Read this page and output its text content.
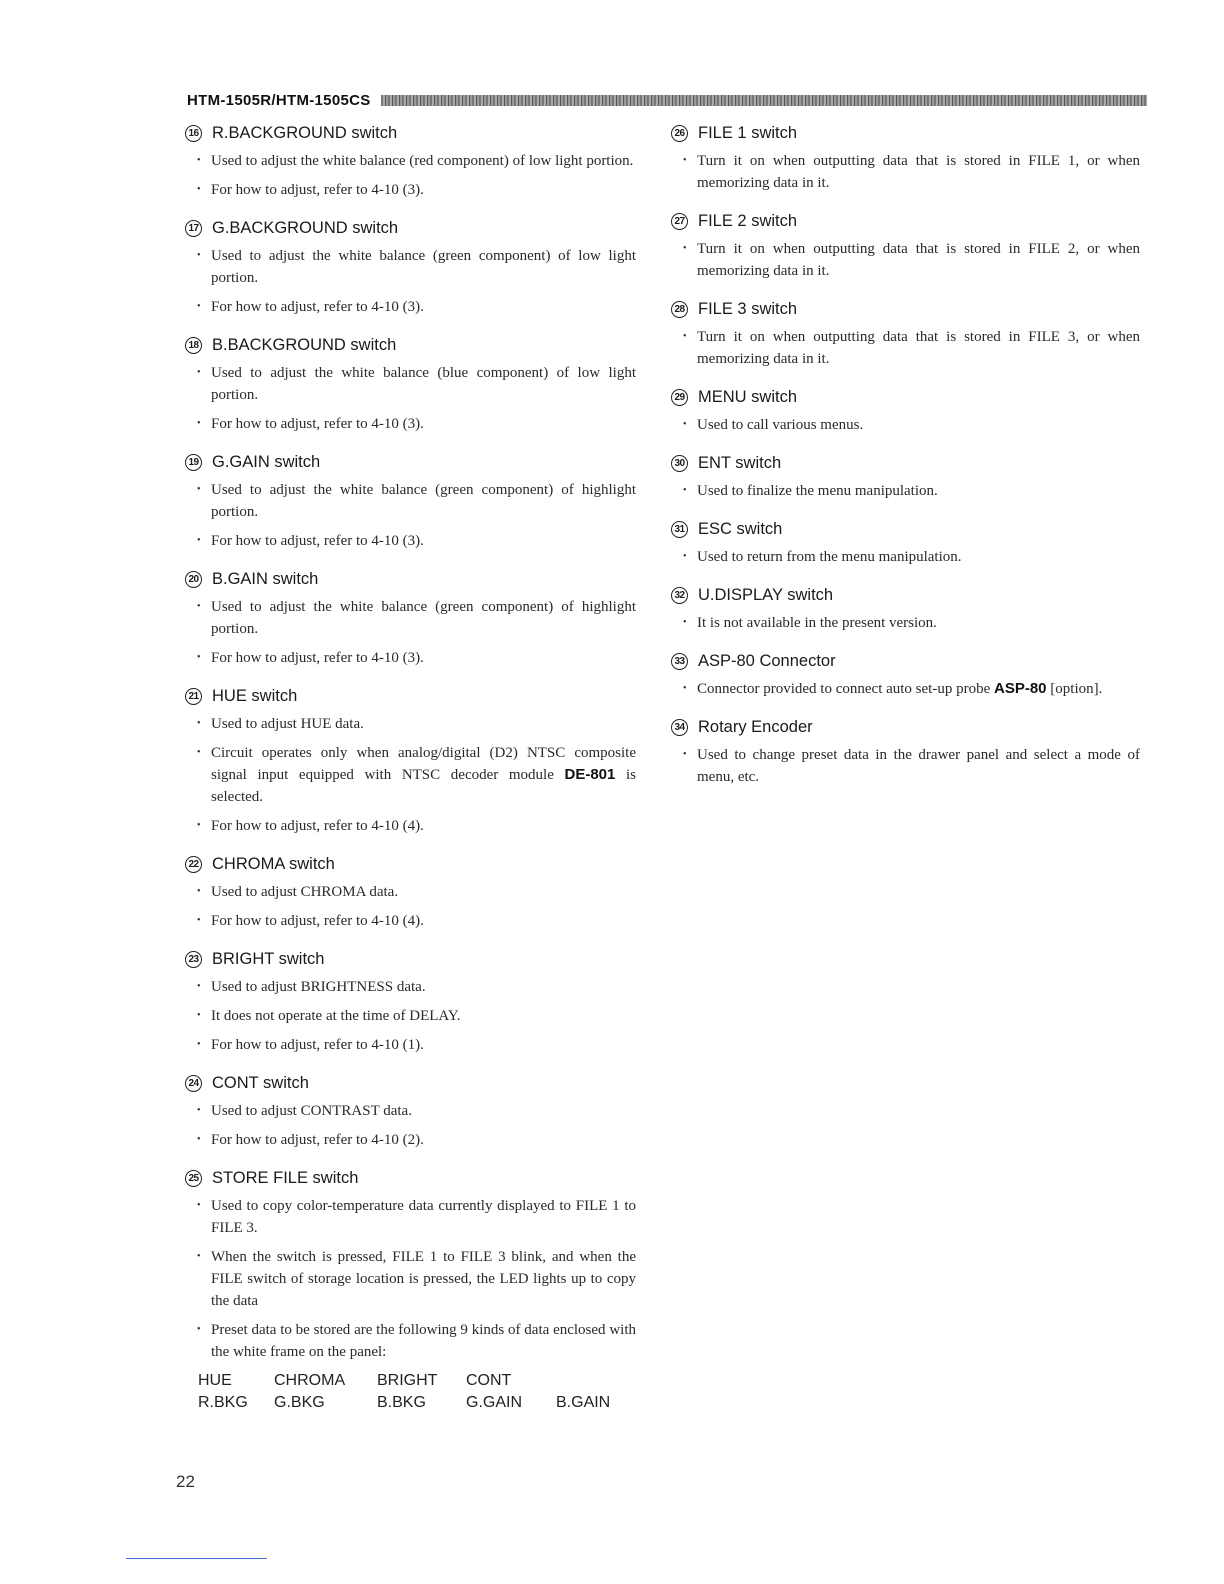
HTM-1505R/HTM-1505CS
16 R.BACKGROUND switch
• Used to adjust the white balance (red component) of low light portion.
• For how to adjust, refer to 4-10 (3).
17 G.BACKGROUND switch
• Used to adjust the white balance (green component) of low light portion.
• For how to adjust, refer to 4-10 (3).
18 B.BACKGROUND switch
• Used to adjust the white balance (blue component) of low light portion.
• For how to adjust, refer to 4-10 (3).
19 G.GAIN switch
• Used to adjust the white balance (green component) of highlight portion.
• For how to adjust, refer to 4-10 (3).
20 B.GAIN switch
• Used to adjust the white balance (green component) of highlight portion.
• For how to adjust, refer to 4-10 (3).
21 HUE switch
• Used to adjust HUE data.
• Circuit operates only when analog/digital (D2) NTSC composite signal input equipped with NTSC decoder module DE-801 is selected.
• For how to adjust, refer to 4-10 (4).
22 CHROMA switch
• Used to adjust CHROMA data.
• For how to adjust, refer to 4-10 (4).
23 BRIGHT switch
• Used to adjust BRIGHTNESS data.
• It does not operate at the time of DELAY.
• For how to adjust, refer to 4-10 (1).
24 CONT switch
• Used to adjust CONTRAST data.
• For how to adjust, refer to 4-10 (2).
25 STORE FILE switch
• Used to copy color-temperature data currently displayed to FILE 1 to FILE 3.
• When the switch is pressed, FILE 1 to FILE 3 blink, and when the FILE switch of storage location is pressed, the LED lights up to copy the data
• Preset data to be stored are the following 9 kinds of data enclosed with the white frame on the panel:
HUE	CHROMA	BRIGHT	CONT
R.BKG	G.BKG	B.BKG	G.GAIN	B.GAIN
26 FILE 1 switch
• Turn it on when outputting data that is stored in FILE 1, or when memorizing data in it.
27 FILE 2 switch
• Turn it on when outputting data that is stored in FILE 2, or when memorizing data in it.
28 FILE 3 switch
• Turn it on when outputting data that is stored in FILE 3, or when memorizing data in it.
29 MENU switch
• Used to call various menus.
30 ENT switch
• Used to finalize the menu manipulation.
31 ESC switch
• Used to return from the menu manipulation.
32 U.DISPLAY switch
• It is not available in the present version.
33 ASP-80 Connector
• Connector provided to connect auto set-up probe ASP-80 [option].
34 Rotary Encoder
• Used to change preset data in the drawer panel and select a mode of menu, etc.
22
